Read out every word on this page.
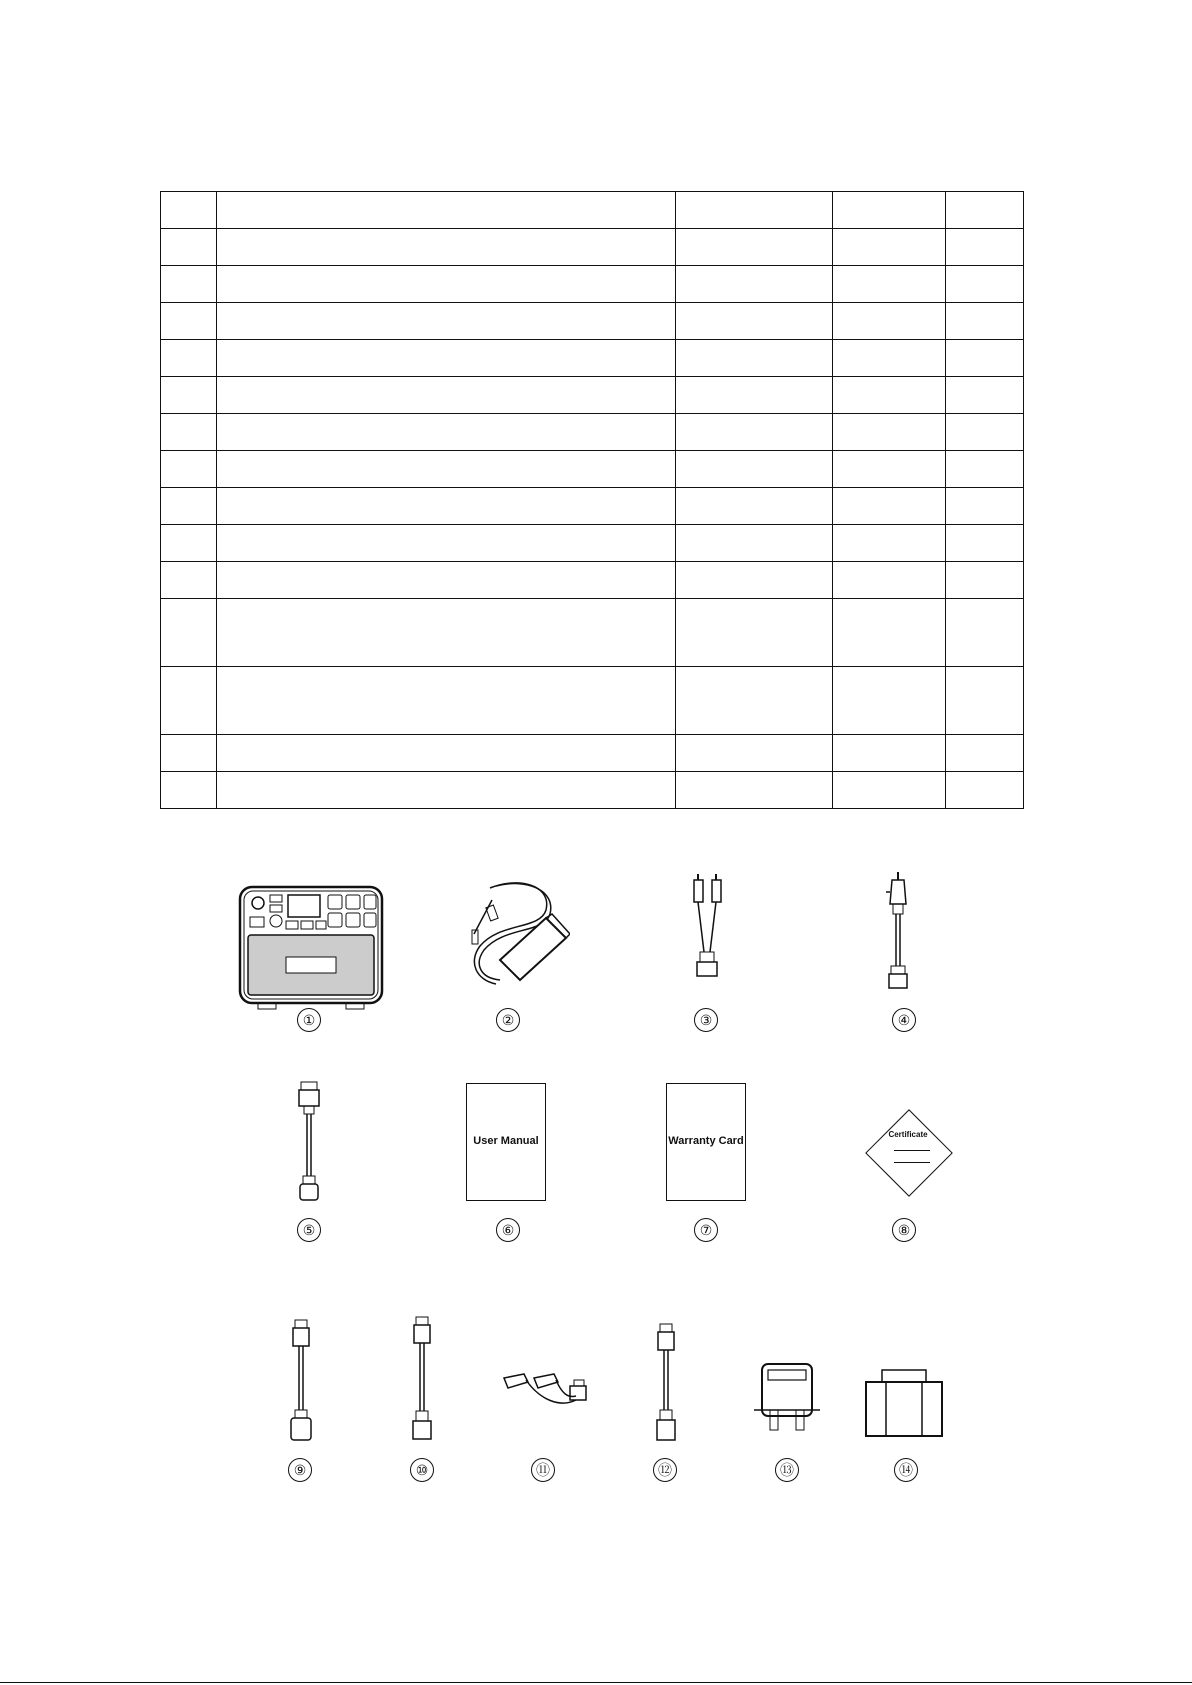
User Manual	Warranty Card
Certificate
①	②	③	④
⑤	⑥	⑦	⑧
⑨	⑩	⑪	⑫	⑬	⑭
